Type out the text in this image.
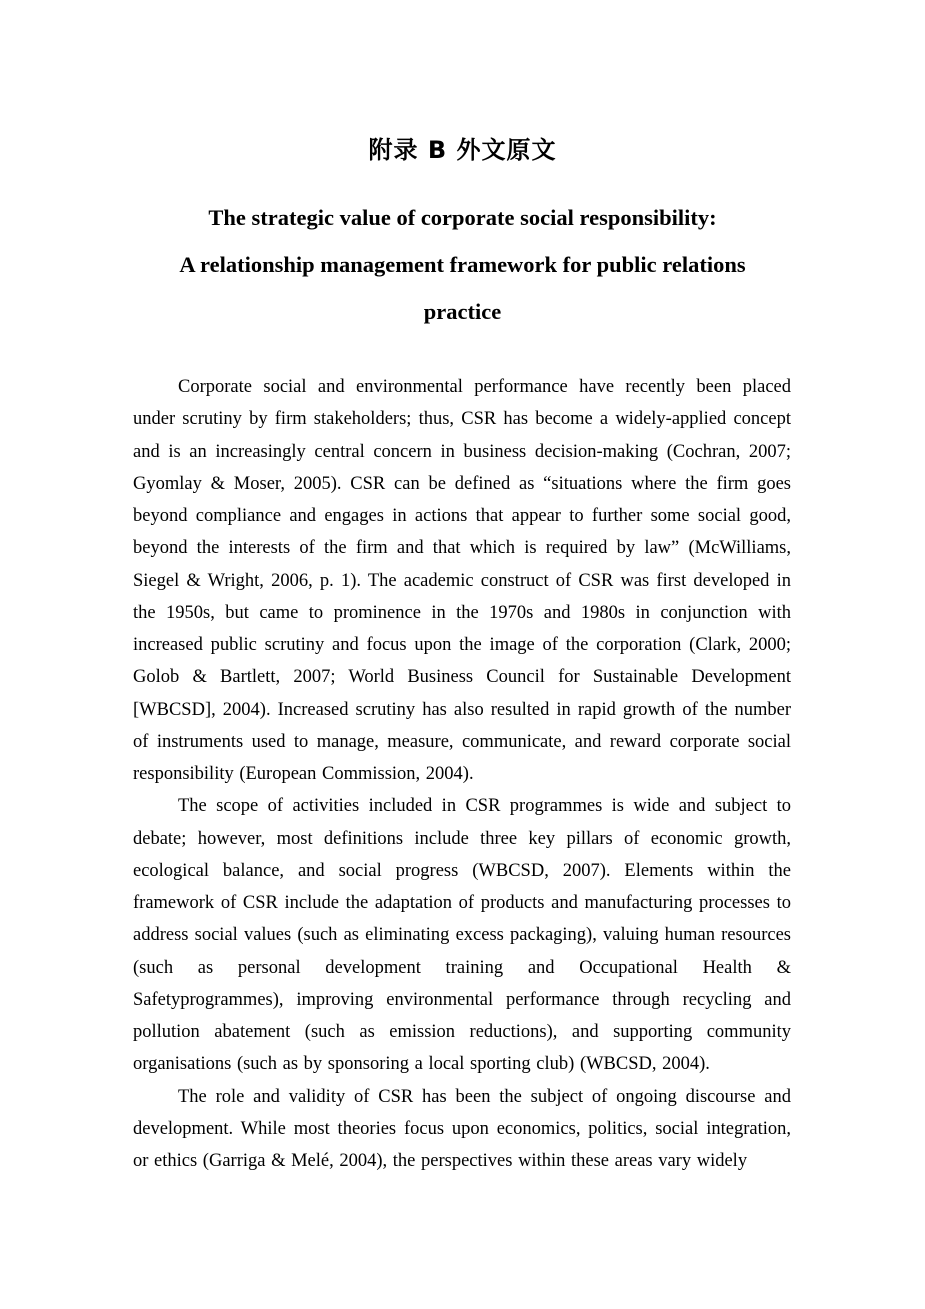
附录 B 外文原文
The strategic value of corporate social responsibility:
A relationship management framework for public relations
practice

Corporate social and environmental performance have recently been placed under scrutiny by firm stakeholders; thus, CSR has become a widely-applied concept and is an increasingly central concern in business decision-making (Cochran, 2007; Gyomlay & Moser, 2005). CSR can be defined as “situations where the firm goes beyond compliance and engages in actions that appear to further some social good, beyond the interests of the firm and that which is required by law” (McWilliams, Siegel & Wright, 2006, p. 1). The academic construct of CSR was first developed in the 1950s, but came to prominence in the 1970s and 1980s in conjunction with increased public scrutiny and focus upon the image of the corporation (Clark, 2000; Golob & Bartlett, 2007; World Business Council for Sustainable Development [WBCSD], 2004). Increased scrutiny has also resulted in rapid growth of the number of instruments used to manage, measure, communicate, and reward corporate social responsibility (European Commission, 2004).

The scope of activities included in CSR programmes is wide and subject to debate; however, most definitions include three key pillars of economic growth, ecological balance, and social progress (WBCSD, 2007). Elements within the framework of CSR include the adaptation of products and manufacturing processes to address social values (such as eliminating excess packaging), valuing human resources (such as personal development training and Occupational Health & Safetyprogrammes), improving environmental performance through recycling and pollution abatement (such as emission reductions), and supporting community organisations (such as by sponsoring a local sporting club) (WBCSD, 2004).

The role and validity of CSR has been the subject of ongoing discourse and development. While most theories focus upon economics, politics, social integration, or ethics (Garriga & Melé, 2004), the perspectives within these areas vary widely
